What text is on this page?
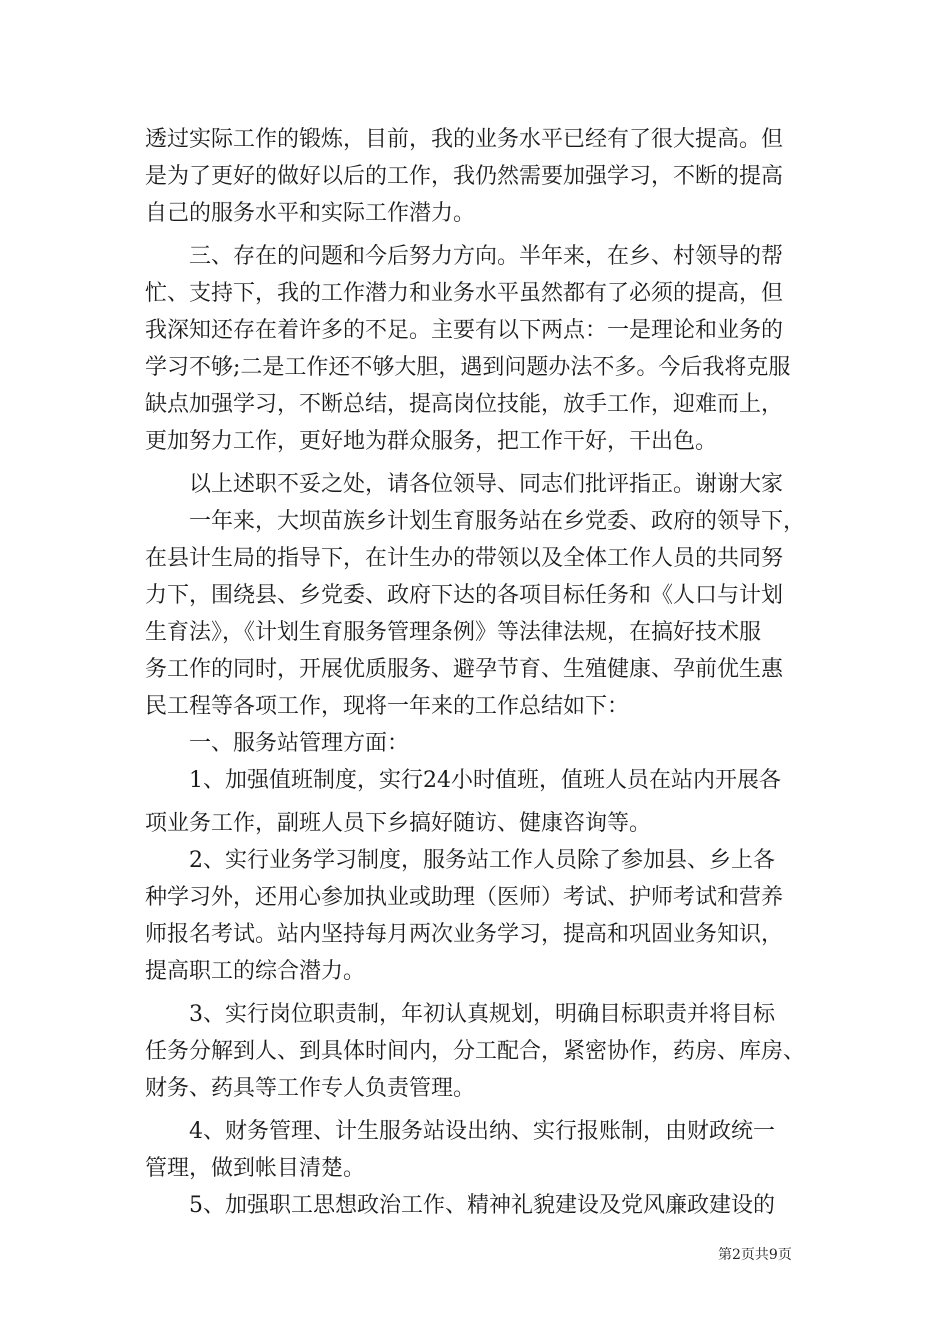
透过实际工作的锻炼，目前，我的业务水平已经有了很大提高。但
是为了更好的做好以后的工作，我仍然需要加强学习，不断的提高
自己的服务水平和实际工作潜力。
三、存在的问题和今后努力方向。半年来，在乡、村领导的帮
忙、支持下，我的工作潜力和业务水平虽然都有了必须的提高，但
我深知还存在着许多的不足。主要有以下两点：一是理论和业务的
学习不够;二是工作还不够大胆，遇到问题办法不多。今后我将克服
缺点加强学习，不断总结，提高岗位技能，放手工作，迎难而上，
更加努力工作，更好地为群众服务，把工作干好，干出色。
以上述职不妥之处，请各位领导、同志们批评指正。谢谢大家
一年来，大坝苗族乡计划生育服务站在乡党委、政府的领导下，
在县计生局的指导下，在计生办的带领以及全体工作人员的共同努
力下，围绕县、乡党委、政府下达的各项目标任务和《人口与计划
生育法》，《计划生育服务管理条例》等法律法规，在搞好技术服
务工作的同时，开展优质服务、避孕节育、生殖健康、孕前优生惠
民工程等各项工作，现将一年来的工作总结如下：
一、服务站管理方面：
1、加强值班制度，实行24小时值班，值班人员在站内开展各
项业务工作，副班人员下乡搞好随访、健康咨询等。
2、实行业务学习制度，服务站工作人员除了参加县、乡上各
种学习外，还用心参加执业或助理（医师）考试、护师考试和营养
师报名考试。站内坚持每月两次业务学习，提高和巩固业务知识，
提高职工的综合潜力。
3、实行岗位职责制，年初认真规划，明确目标职责并将目标
任务分解到人、到具体时间内，分工配合，紧密协作，药房、库房、
财务、药具等工作专人负责管理。
4、财务管理、计生服务站设出纳、实行报账制，由财政统一
管理，做到帐目清楚。
5、加强职工思想政治工作、精神礼貌建设及党风廉政建设的
第2页共9页
